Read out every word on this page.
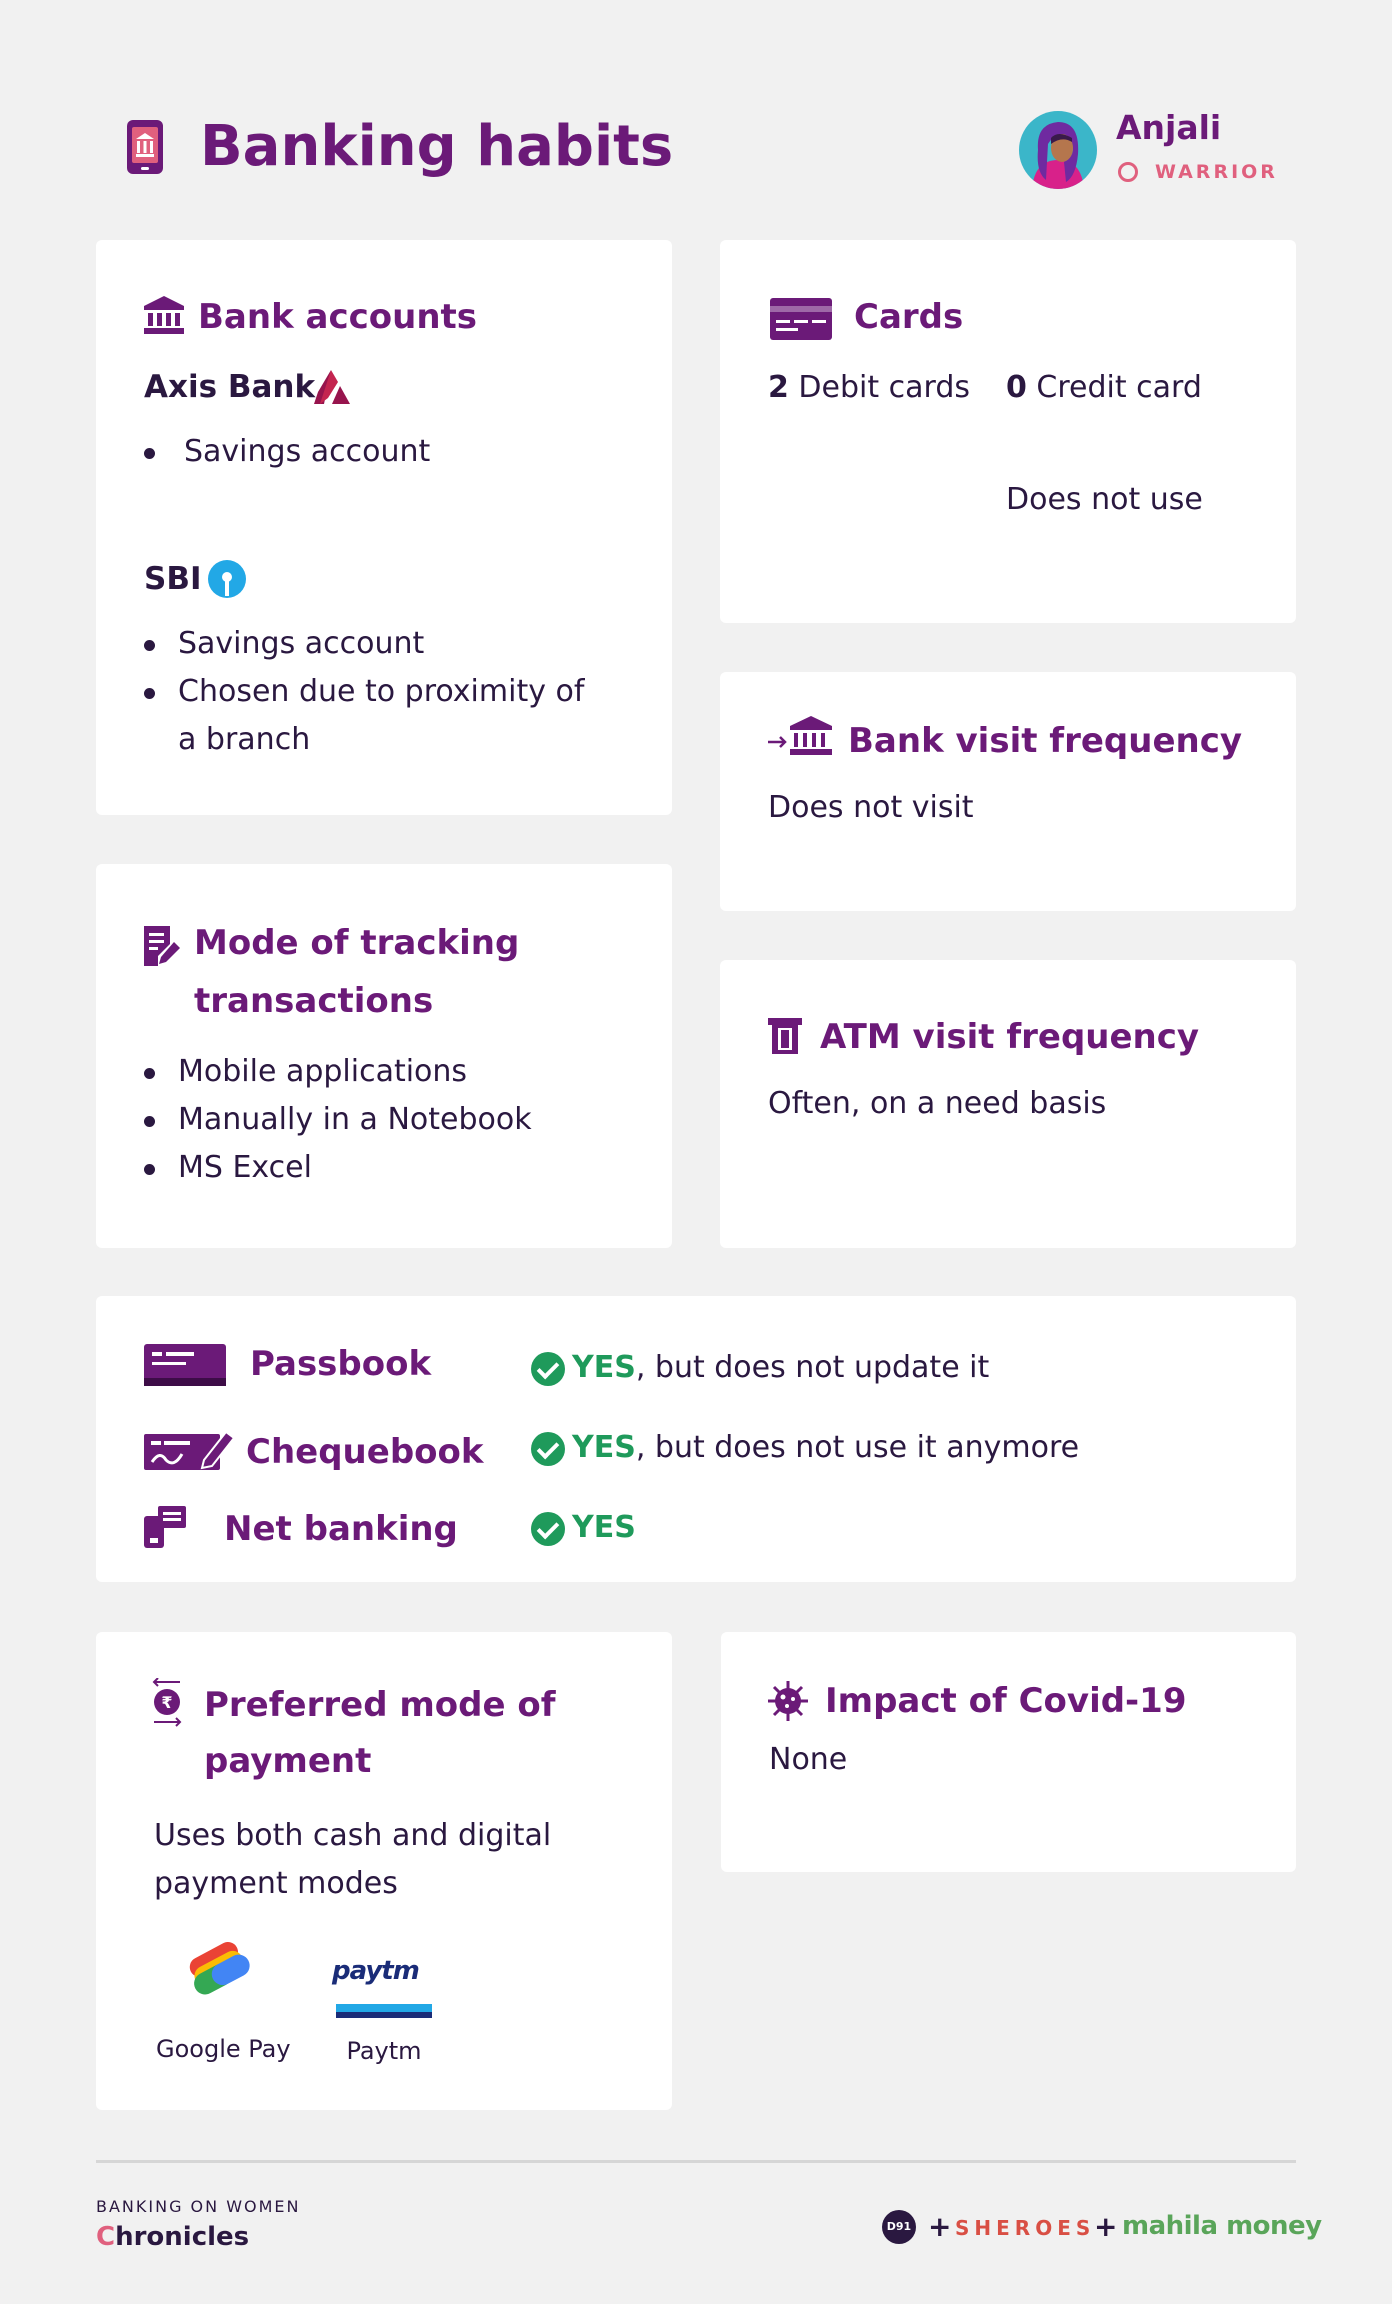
Banking habits	Anjali
WARRIOR
Bank accounts
Axis Bank
Savings account
SBI
Savings account
Chosen due to proximity of
a branch
Cards
2 Debit cards 0 Credit card
Does not use
Bank visit frequency
Does not visit
Mode of tracking
transactions
Mobile applications
Manually in a Notebook
MS Excel
ATM visit frequency
Often, on a need basis
Passbook	YES, but does not update it
Chequebook	YES, but does not use it anymore
Net banking	YES
₹ Preferred mode of
payment
Uses both cash and digital
payment modes
Google Pay
paytm
Paytm
Impact of Covid-19
None
BANKING ON WOMEN
Chronicles	D91 + SHEROES
+ mahila money
